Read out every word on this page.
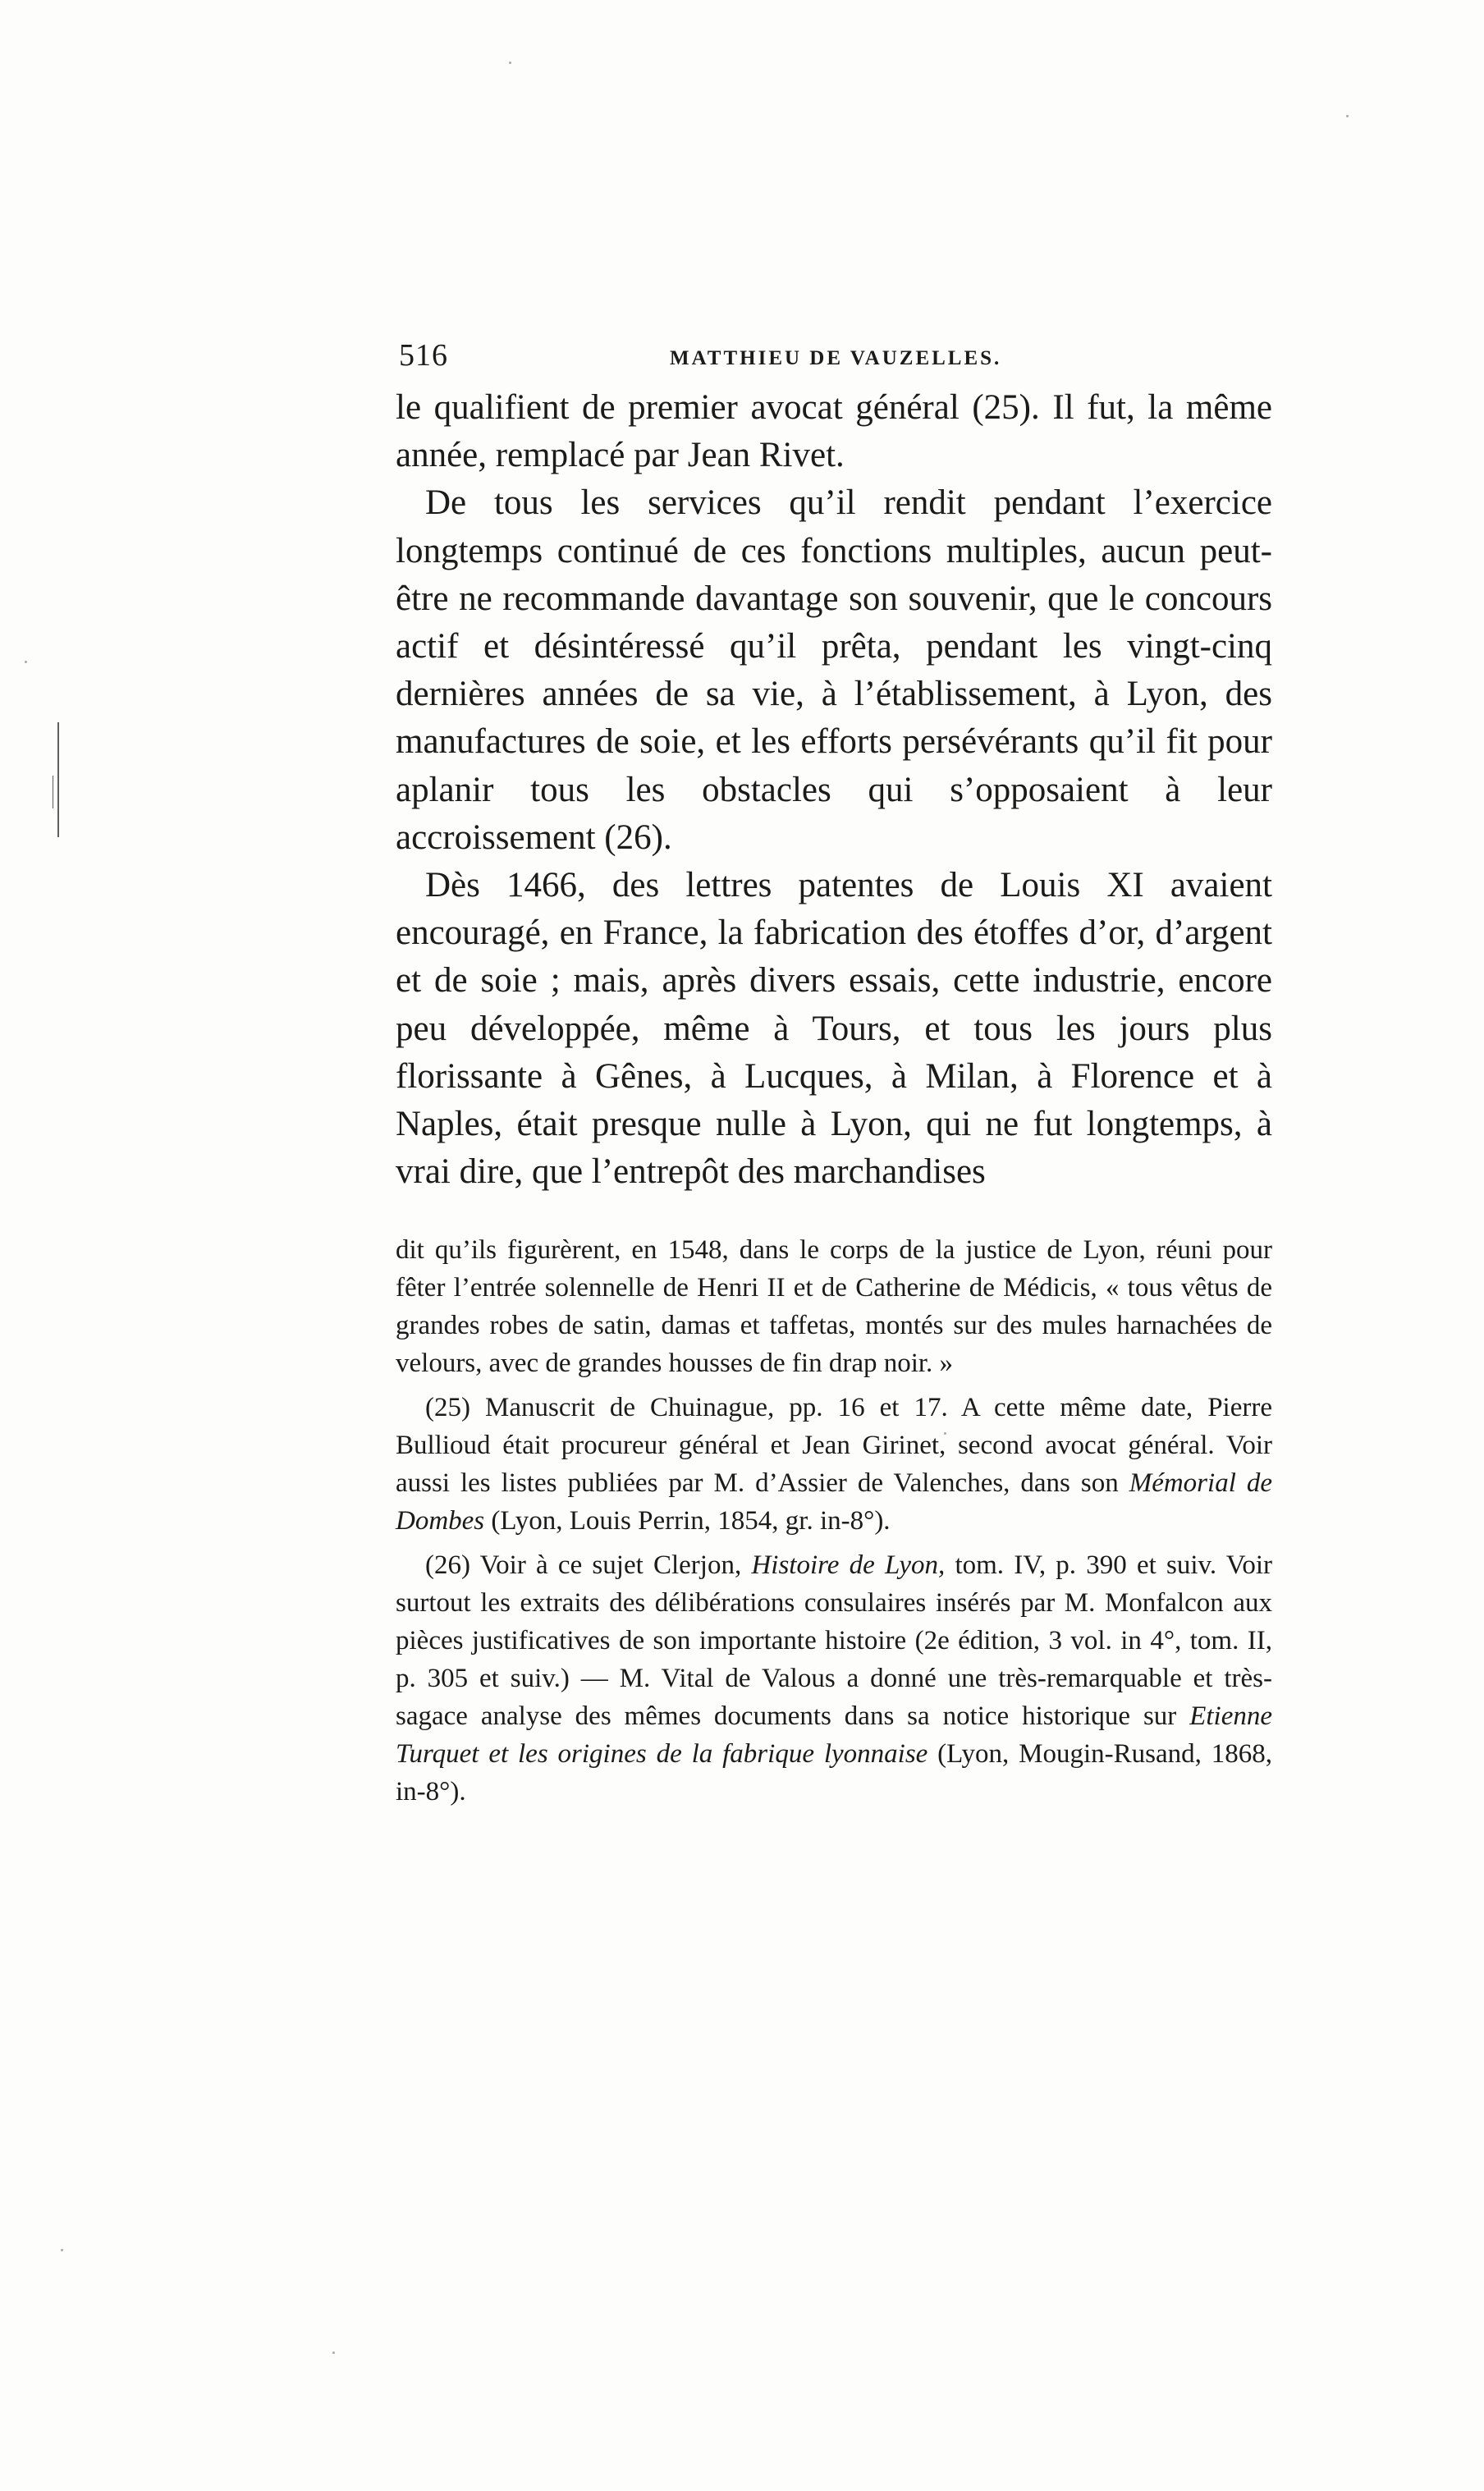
516	MATTHIEU DE VAUZELLES.

le qualifient de premier avocat général (25). Il fut, la même année, remplacé par Jean Rivet.

De tous les services qu’il rendit pendant l’exercice longtemps continué de ces fonctions multiples, aucun peut-être ne recommande davantage son souvenir, que le concours actif et désintéressé qu’il prêta, pendant les vingt-cinq dernières années de sa vie, à l’établissement, à Lyon, des manufactures de soie, et les efforts persévérants qu’il fit pour aplanir tous les obstacles qui s’opposaient à leur accroissement (26).

Dès 1466, des lettres patentes de Louis XI avaient encouragé, en France, la fabrication des étoffes d’or, d’argent et de soie ; mais, après divers essais, cette industrie, encore peu développée, même à Tours, et tous les jours plus florissante à Gênes, à Lucques, à Milan, à Florence et à Naples, était presque nulle à Lyon, qui ne fut longtemps, à vrai dire, que l’entrepôt des marchandises

dit qu’ils figurèrent, en 1548, dans le corps de la justice de Lyon, réuni pour fêter l’entrée solennelle de Henri II et de Catherine de Médicis, « tous vêtus de grandes robes de satin, damas et taffetas, montés sur des mules harnachées de velours, avec de grandes housses de fin drap noir. »

(25) Manuscrit de Chuinague, pp. 16 et 17. A cette même date, Pierre Bullioud était procureur général et Jean Girinet, second avocat général. Voir aussi les listes publiées par M. d’Assier de Valenches, dans son Mémorial de Dombes (Lyon, Louis Perrin, 1854, gr. in-8°).

(26) Voir à ce sujet Clerjon, Histoire de Lyon, tom. IV, p. 390 et suiv. Voir surtout les extraits des délibérations consulaires insérés par M. Monfalcon aux pièces justificatives de son importante histoire (2e édition, 3 vol. in 4°, tom. II, p. 305 et suiv.) — M. Vital de Valous a donné une très-remarquable et très-sagace analyse des mêmes documents dans sa notice historique sur Etienne Turquet et les origines de la fabrique lyonnaise (Lyon, Mougin-Rusand, 1868, in-8°).
